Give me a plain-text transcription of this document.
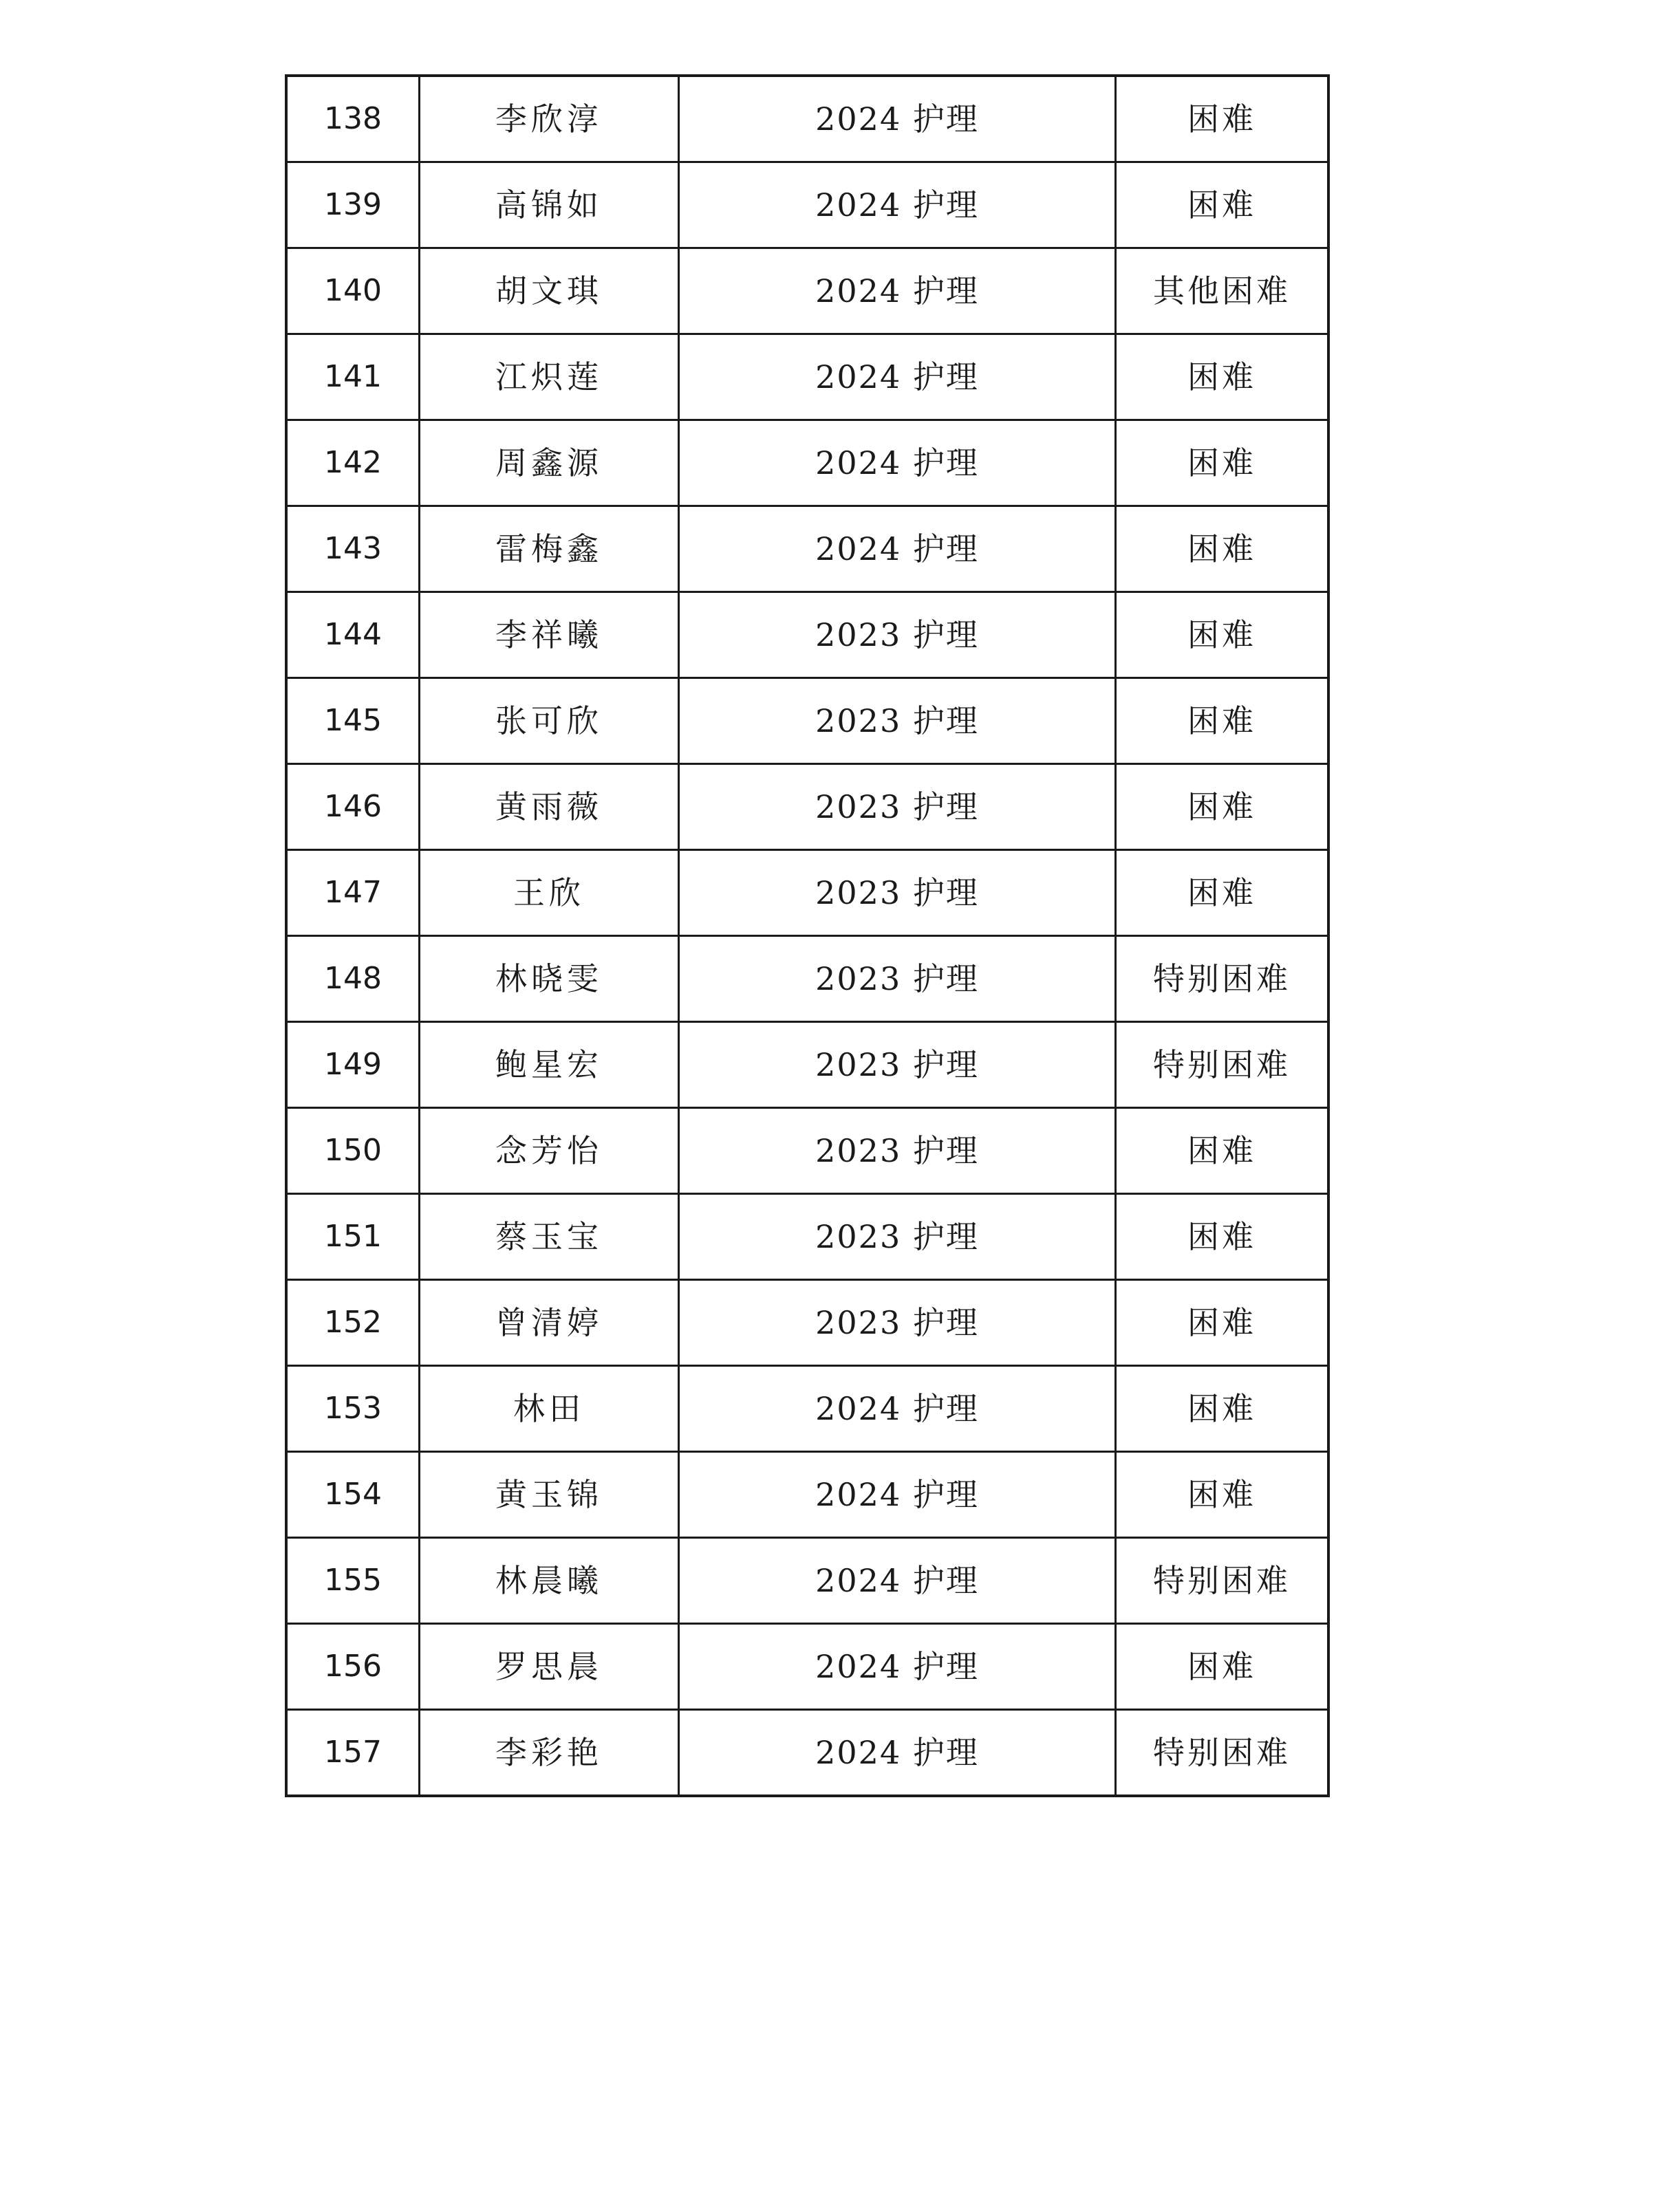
138	李欣淳	2024 护理	困难
139	高锦如	2024 护理	困难
140	胡文琪	2024 护理	其他困难
141	江炽莲	2024 护理	困难
142	周鑫源	2024 护理	困难
143	雷梅鑫	2024 护理	困难
144	李祥曦	2023 护理	困难
145	张可欣	2023 护理	困难
146	黄雨薇	2023 护理	困难
147	王欣	2023 护理	困难
148	林晓雯	2023 护理	特别困难
149	鲍星宏	2023 护理	特别困难
150	念芳怡	2023 护理	困难
151	蔡玉宝	2023 护理	困难
152	曾清婷	2023 护理	困难
153	林田	2024 护理	困难
154	黄玉锦	2024 护理	困难
155	林晨曦	2024 护理	特别困难
156	罗思晨	2024 护理	困难
157	李彩艳	2024 护理	特别困难
